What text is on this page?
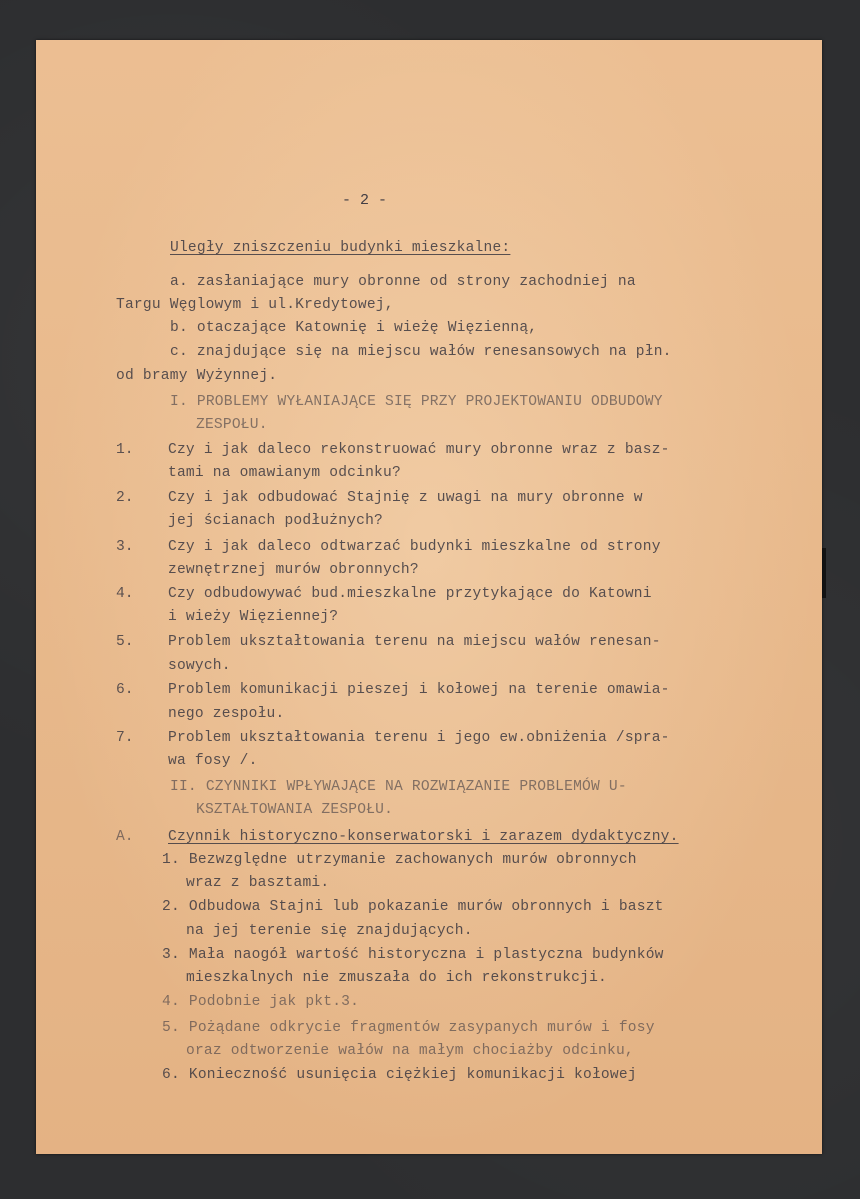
- 2 -
Uległy zniszczeniu budynki mieszkalne:
a. zasłaniające mury obronne od strony zachodniej na
Targu Węglowym i ul.Kredytowej,
b. otaczające Katownię i wieżę Więzienną,
c. znajdujące się na miejscu wałów renesansowych na płn.
od bramy Wyżynnej.
I. PROBLEMY WYŁANIAJĄCE SIĘ PRZY PROJEKTOWANIU ODBUDOWY
ZESPOŁU.
1. Czy i jak daleco rekonstruować mury obronne wraz z basz-
tami na omawianym odcinku?
2. Czy i jak odbudować Stajnię z uwagi na mury obronne w
jej ścianach podłużnych?
3. Czy i jak daleco odtwarzać budynki mieszkalne od strony
zewnętrznej murów obronnych?
4. Czy odbudowywać bud.mieszkalne przytykające do Katowni
i wieży Więziennej?
5. Problem ukształtowania terenu na miejscu wałów renesan-
sowych.
6. Problem komunikacji pieszej i kołowej na terenie omawia-
nego zespołu.
7. Problem ukształtowania terenu i jego ew.obniżenia /spra-
wa fosy /.
II. CZYNNIKI WPŁYWAJĄCE NA ROZWIĄZANIE PROBLEMÓW U-
KSZTAŁTOWANIA ZESPOŁU.
A. Czynnik historyczno-konserwatorski i zarazem dydaktyczny.
1. Bezwzględne utrzymanie zachowanych murów obronnych
wraz z basztami.
2. Odbudowa Stajni lub pokazanie murów obronnych i baszt
na jej terenie się znajdujących.
3. Mała naogół wartość historyczna i plastyczna budynków
mieszkalnych nie zmuszała do ich rekonstrukcji.
4. Podobnie jak pkt.3.
5. Pożądane odkrycie fragmentów zasypanych murów i fosy
oraz odtworzenie wałów na małym chociażby odcinku,
6. Konieczność usunięcia ciężkiej komunikacji kołowej
